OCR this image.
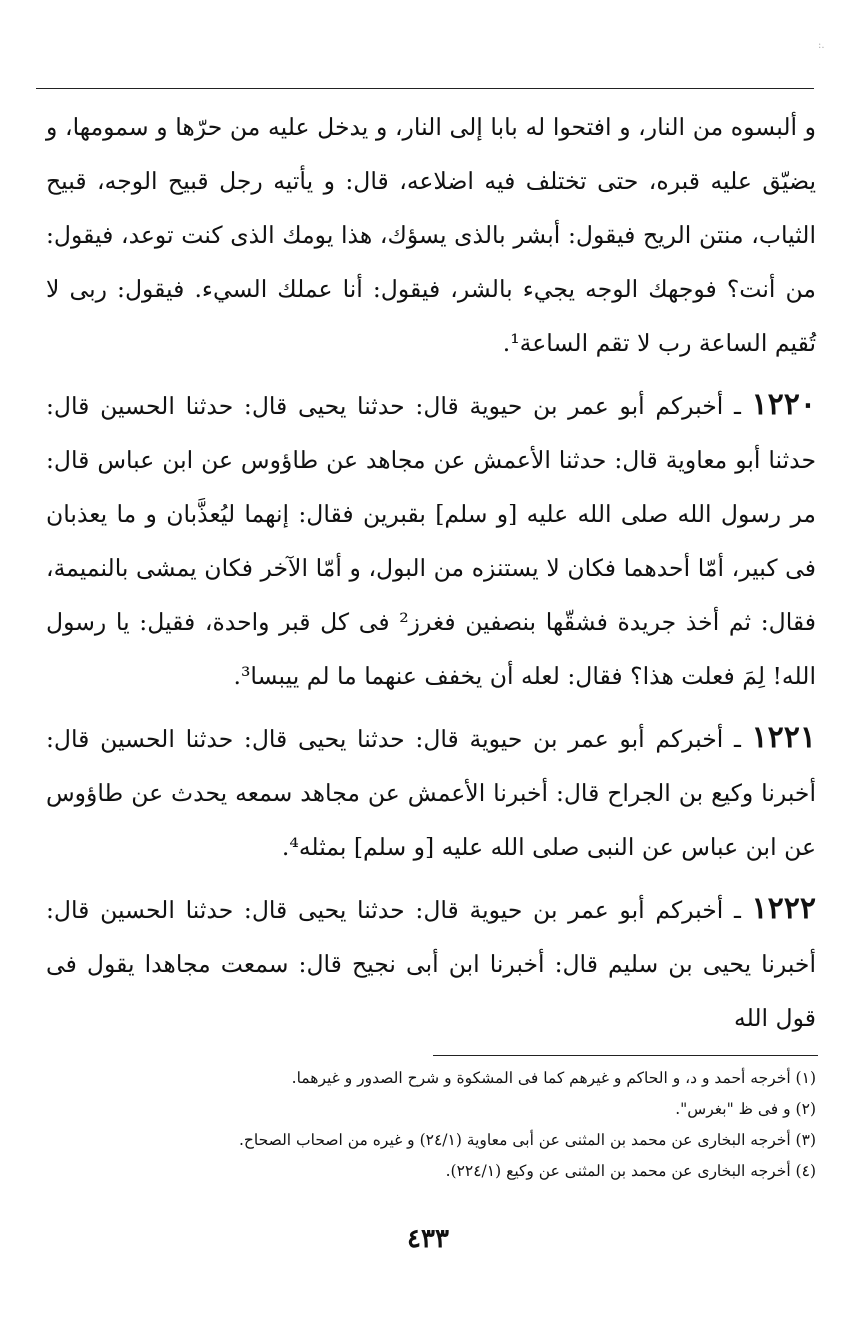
:.

و ألبسوه من النار، و افتحوا له بابا إلى النار، و يدخل عليه من حرّها و سمومها، و يضيّق عليه قبره، حتى تختلف فيه اضلاعه، قال: و يأتيه رجل قبيح الوجه، قبيح الثياب، منتن الريح فيقول: أبشر بالذى يسؤك، هذا يومك الذى كنت توعد، فيقول: من أنت؟ فوجهك الوجه يجيء بالشر، فيقول: أنا عملك السيء. فيقول: ربى لا تُقيم الساعة رب لا تقم الساعة¹.

١٢٢٠ ـ أخبركم أبو عمر بن حيوية قال: حدثنا يحيى قال: حدثنا الحسين قال: حدثنا أبو معاوية قال: حدثنا الأعمش عن مجاهد عن طاؤوس عن ابن عباس قال: مر رسول الله صلى الله عليه [و سلم] بقبرين فقال: إنهما ليُعذَّبان و ما يعذبان فى كبير، أمّا أحدهما فكان لا يستنزه من البول، و أمّا الآخر فكان يمشى بالنميمة، فقال: ثم أخذ جريدة فشقّها بنصفين فغرز² فى كل قبر واحدة، فقيل: يا رسول الله! لِمَ فعلت هذا؟ فقال: لعله أن يخفف عنهما ما لم ييبسا³.

١٢٢١ ـ أخبركم أبو عمر بن حيوية قال: حدثنا يحيى قال: حدثنا الحسين قال: أخبرنا وكيع بن الجراح قال: أخبرنا الأعمش عن مجاهد سمعه يحدث عن طاؤوس عن ابن عباس عن النبى صلى الله عليه [و سلم] بمثله⁴.

١٢٢٢ ـ أخبركم أبو عمر بن حيوية قال: حدثنا يحيى قال: حدثنا الحسين قال: أخبرنا يحيى بن سليم قال: أخبرنا ابن أبى نجيح قال: سمعت مجاهدا يقول فى قول الله

(١) أخرجه أحمد و د، و الحاكم و غيرهم كما فى المشكوة و شرح الصدور و غيرهما.
(٢) و فى ظ "بغرس".
(٣) أخرجه البخارى عن محمد بن المثنى عن أبى معاوية (٢٤/١) و غيره من اصحاب الصحاح.
(٤) أخرجه البخارى عن محمد بن المثنى عن وكيع (٢٢٤/١).
٤٣٣
